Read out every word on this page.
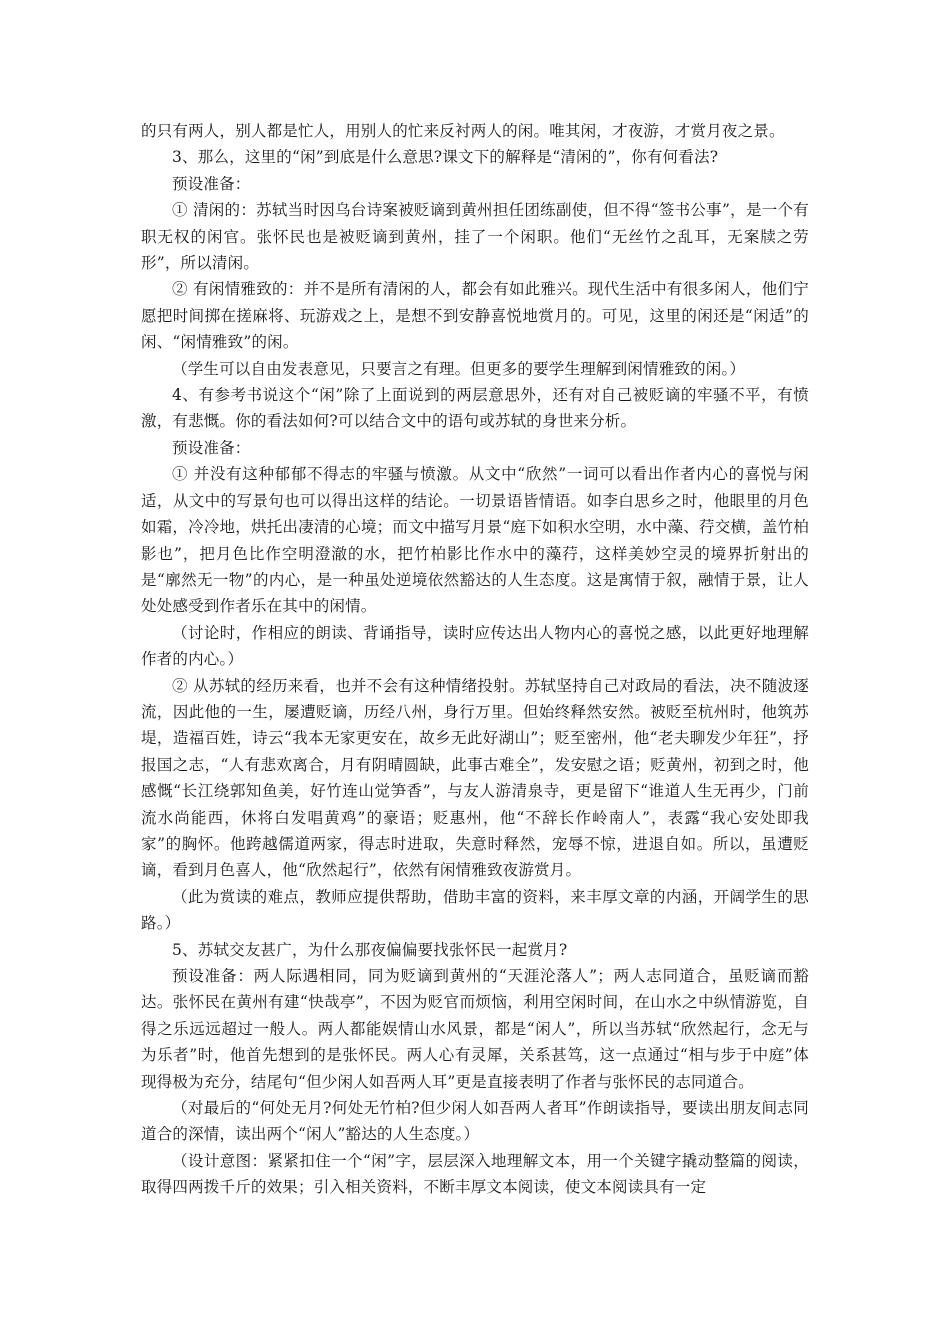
的只有两人，别人都是忙人，用别人的忙来反衬两人的闲。唯其闲，才夜游，才赏月夜之景。

3、那么，这里的“闲”到底是什么意思?课文下的解释是“清闲的”，你有何看法?

预设准备：

① 清闲的：苏轼当时因乌台诗案被贬谪到黄州担任团练副使，但不得“签书公事”，是一个有职无权的闲官。张怀民也是被贬谪到黄州，挂了一个闲职。他们“无丝竹之乱耳，无案牍之劳形”，所以清闲。

② 有闲情雅致的：并不是所有清闲的人，都会有如此雅兴。现代生活中有很多闲人，他们宁愿把时间掷在搓麻将、玩游戏之上，是想不到安静喜悦地赏月的。可见，这里的闲还是“闲适”的闲、“闲情雅致”的闲。

（学生可以自由发表意见，只要言之有理。但更多的要学生理解到闲情雅致的闲。）

4、有参考书说这个“闲”除了上面说到的两层意思外，还有对自己被贬谪的牢骚不平，有愤激，有悲慨。你的看法如何?可以结合文中的语句或苏轼的身世来分析。

预设准备：

① 并没有这种郁郁不得志的牢骚与愤激。从文中“欣然”一词可以看出作者内心的喜悦与闲适，从文中的写景句也可以得出这样的结论。一切景语皆情语。如李白思乡之时，他眼里的月色如霜，冷冷地，烘托出凄清的心境；而文中描写月景“庭下如积水空明，水中藻、荇交横，盖竹柏影也”，把月色比作空明澄澈的水，把竹柏影比作水中的藻荇，这样美妙空灵的境界折射出的是“廓然无一物”的内心，是一种虽处逆境依然豁达的人生态度。这是寓情于叙，融情于景，让人处处感受到作者乐在其中的闲情。

（讨论时，作相应的朗读、背诵指导，读时应传达出人物内心的喜悦之感，以此更好地理解作者的内心。）

② 从苏轼的经历来看，也并不会有这种情绪投射。苏轼坚持自己对政局的看法，决不随波逐流，因此他的一生，屡遭贬谪，历经八州，身行万里。但始终释然安然。被贬至杭州时，他筑苏堤，造福百姓，诗云“我本无家更安在，故乡无此好湖山”；贬至密州，他“老夫聊发少年狂”，抒报国之志，“人有悲欢离合，月有阴晴圆缺，此事古难全”，发安慰之语；贬黄州，初到之时，他感慨“长江绕郭知鱼美，好竹连山觉笋香”，与友人游清泉寺，更是留下“谁道人生无再少，门前流水尚能西，休将白发唱黄鸡”的豪语；贬惠州，他“不辞长作岭南人”，表露“我心安处即我家”的胸怀。他跨越儒道两家，得志时进取，失意时释然，宠辱不惊，进退自如。所以，虽遭贬谪，看到月色喜人，他“欣然起行”，依然有闲情雅致夜游赏月。

（此为赏读的难点，教师应提供帮助，借助丰富的资料，来丰厚文章的内涵，开阔学生的思路。）

5、苏轼交友甚广，为什么那夜偏偏要找张怀民一起赏月?

预设准备：两人际遇相同，同为贬谪到黄州的“天涯沦落人”；两人志同道合，虽贬谪而豁达。张怀民在黄州有建“快哉亭”，不因为贬官而烦恼，利用空闲时间，在山水之中纵情游览，自得之乐远远超过一般人。两人都能娱情山水风景，都是“闲人”，所以当苏轼“欣然起行，念无与为乐者”时，他首先想到的是张怀民。两人心有灵犀，关系甚笃，这一点通过“相与步于中庭”体现得极为充分，结尾句“但少闲人如吾两人耳”更是直接表明了作者与张怀民的志同道合。

（对最后的“何处无月?何处无竹柏?但少闲人如吾两人者耳”作朗读指导，要读出朋友间志同道合的深情，读出两个“闲人”豁达的人生态度。）

（设计意图：紧紧扣住一个“闲”字，层层深入地理解文本，用一个关键字撬动整篇的阅读，取得四两拨千斤的效果；引入相关资料，不断丰厚文本阅读，使文本阅读具有一定
